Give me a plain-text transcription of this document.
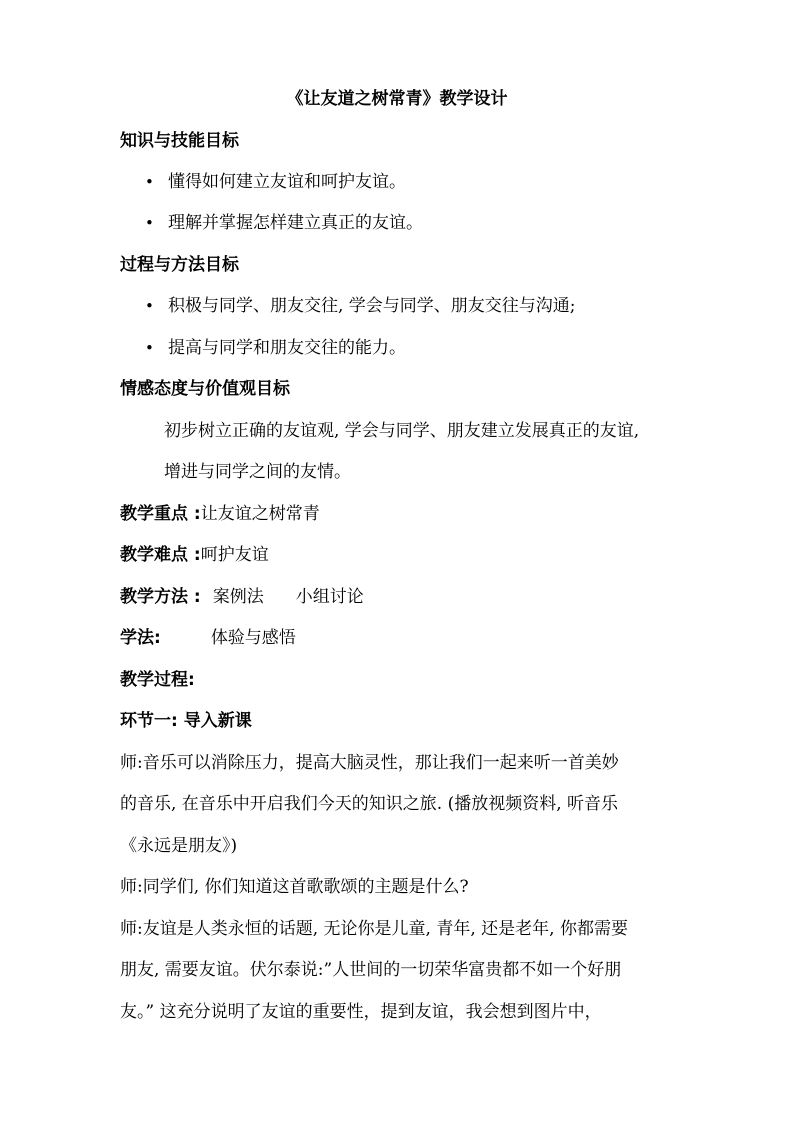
《让友道之树常青》教学设计
知识与技能目标
• 懂得如何建立友谊和呵护友谊。
• 理解并掌握怎样建立真正的友谊。
过程与方法目标
• 积极与同学、朋友交往, 学会与同学、朋友交往与沟通;
• 提高与同学和朋友交往的能力。
情感态度与价值观目标
初步树立正确的友谊观, 学会与同学、朋友建立发展真正的友谊,
增进与同学之间的友情。
教学重点 :让友谊之树常青
教学难点 :呵护友谊
教学方法 : 案例法 小组讨论
学法:	体验与感悟
教学过程:
环节一: 导入新课
师:音乐可以消除压力，提高大脑灵性，那让我们一起来听一首美妙
的音乐, 在音乐中开启我们今天的知识之旅. (播放视频资料, 听音乐
《永远是朋友》)
师:同学们, 你们知道这首歌歌颂的主题是什么?
师:友谊是人类永恒的话题, 无论你是儿童, 青年, 还是老年, 你都需要
朋友, 需要友谊。伏尔泰说:”人世间的一切荣华富贵都不如一个好朋
友。” 这充分说明了友谊的重要性，提到友谊，我会想到图片中，
